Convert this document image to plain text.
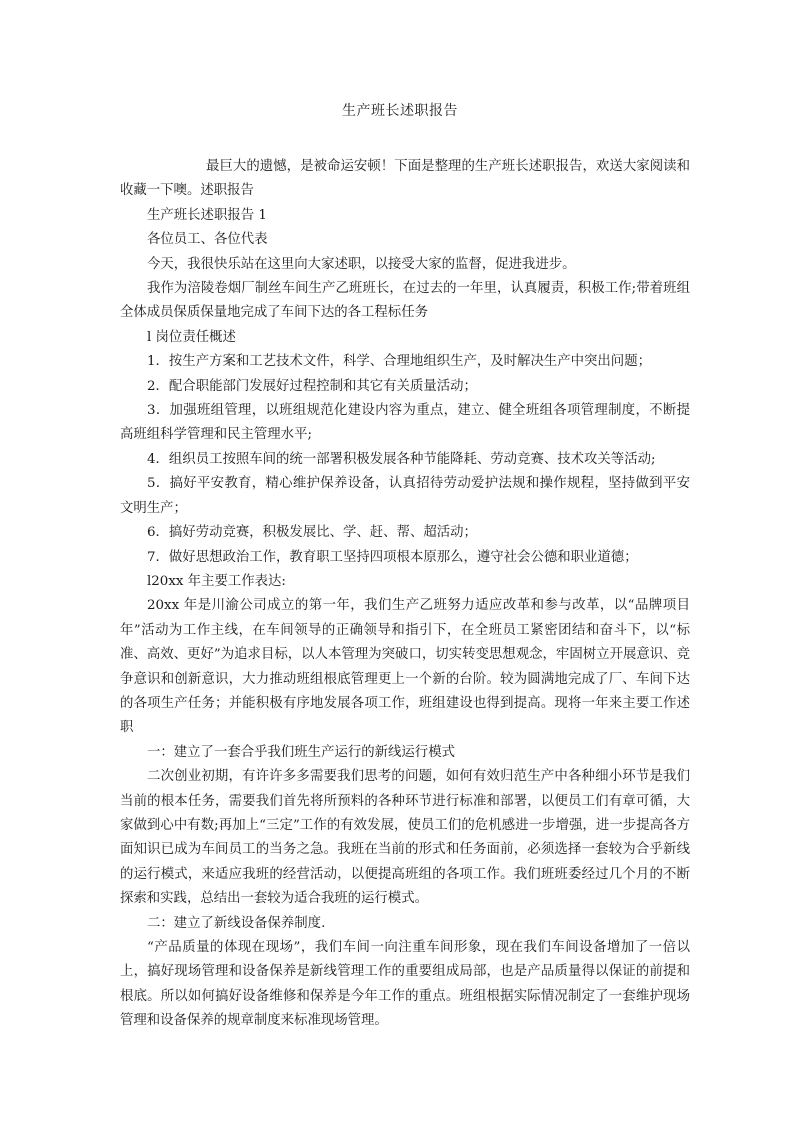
生产班长述职报告

最巨大的遗憾，是被命运安顿！下面是整理的生产班长述职报告，欢送大家阅读和收藏一下噢。述职报告

生产班长述职报告 1

各位员工、各位代表

今天，我很快乐站在这里向大家述职，以接受大家的监督，促进我进步。

我作为涪陵卷烟厂制丝车间生产乙班班长，在过去的一年里，认真履责，积极工作;带着班组全体成员保质保量地完成了车间下达的各工程标任务

l 岗位责任概述

1．按生产方案和工艺技术文件，科学、合理地组织生产，及时解决生产中突出问题；

2．配合职能部门发展好过程控制和其它有关质量活动；

3．加强班组管理，以班组规范化建设内容为重点，建立、健全班组各项管理制度，不断提高班组科学管理和民主管理水平;

4．组织员工按照车间的统一部署积极发展各种节能降耗、劳动竞赛、技术攻关等活动;

5．搞好平安教育，精心维护保养设备，认真招待劳动爱护法规和操作规程，坚持做到平安文明生产；

6．搞好劳动竞赛，积极发展比、学、赶、帮、超活动；

7．做好思想政治工作，教育职工坚持四项根本原那么，遵守社会公德和职业道德；

l20xx 年主要工作表达:

20xx 年是川渝公司成立的第一年，我们生产乙班努力适应改革和参与改革，以“品牌项目年”活动为工作主线，在车间领导的正确领导和指引下，在全班员工紧密团结和奋斗下，以“标准、高效、更好”为追求目标，以人本管理为突破口，切实转变思想观念，牢固树立开展意识、竞争意识和创新意识，大力推动班组根底管理更上一个新的台阶。较为圆满地完成了厂、车间下达的各项生产任务；并能积极有序地发展各项工作，班组建设也得到提高。现将一年来主要工作述职

一：建立了一套合乎我们班生产运行的新线运行模式

二次创业初期，有许许多多需要我们思考的问题，如何有效归范生产中各种细小环节是我们当前的根本任务，需要我们首先将所预料的各种环节进行标准和部署，以便员工们有章可循，大家做到心中有数;再加上“三定”工作的有效发展，使员工们的危机感进一步增强，进一步提高各方面知识已成为车间员工的当务之急。我班在当前的形式和任务面前，必须选择一套较为合乎新线的运行模式，来适应我班的经营活动，以便提高班组的各项工作。我们班班委经过几个月的不断探索和实践，总结出一套较为适合我班的运行模式。

二：建立了新线设备保养制度.

“产品质量的体现在现场”，我们车间一向注重车间形象，现在我们车间设备增加了一倍以上，搞好现场管理和设备保养是新线管理工作的重要组成局部，也是产品质量得以保证的前提和根底。所以如何搞好设备维修和保养是今年工作的重点。班组根据实际情况制定了一套维护现场管理和设备保养的规章制度来标准现场管理。
